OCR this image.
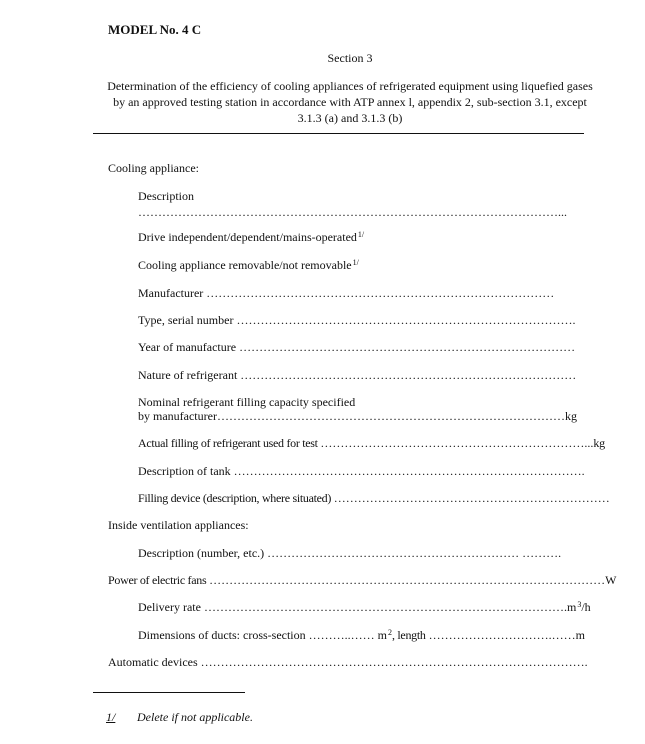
MODEL No. 4 C
Section 3
Determination of the efficiency of cooling appliances of refrigerated equipment using liquefied gases by an approved testing station in accordance with ATP annex l, appendix 2, sub-section 3.1, except 3.1.3 (a) and 3.1.3 (b)
Cooling appliance:
Description
……………………………………………………………………………………………...
Drive independent/dependent/mains-operated$^{1/}$
Cooling appliance removable/not removable$^{1/}$
Manufacturer ……………………………………………………………………………
Type, serial number ………………………………………………………………………….
Year of manufacture …………………………………………………………………………
Nature of refrigerant …………………………………………………………………………
Nominal refrigerant filling capacity specified
by manufacturer……………………………………………………………………………kg
Actual filling of refrigerant used for test …………………………………………………………...kg
Description of tank …………………………………………………………………………….
Filling device (description, where situated) ……………………………………………………………
Inside ventilation appliances:
Description (number, etc.) ……………………………………………………… ……….
Power of electric fans ………………………………………………………………………………………W
Delivery rate $\dots\dots\dots\dots\dots\dots\dots\dots\dots\dots\dots\dots\dots\dots\dots\dots\dots\dots\dots\dots\dots\dots\dots\dots\dots\dots\dots\dots\dots\dots.m^3/h$
Dimensions of ducts: cross-section ………..…… $m^2$, length ………………………….……m
Automatic devices …………………………………………………………………………………….
1/ Delete if not applicable.
